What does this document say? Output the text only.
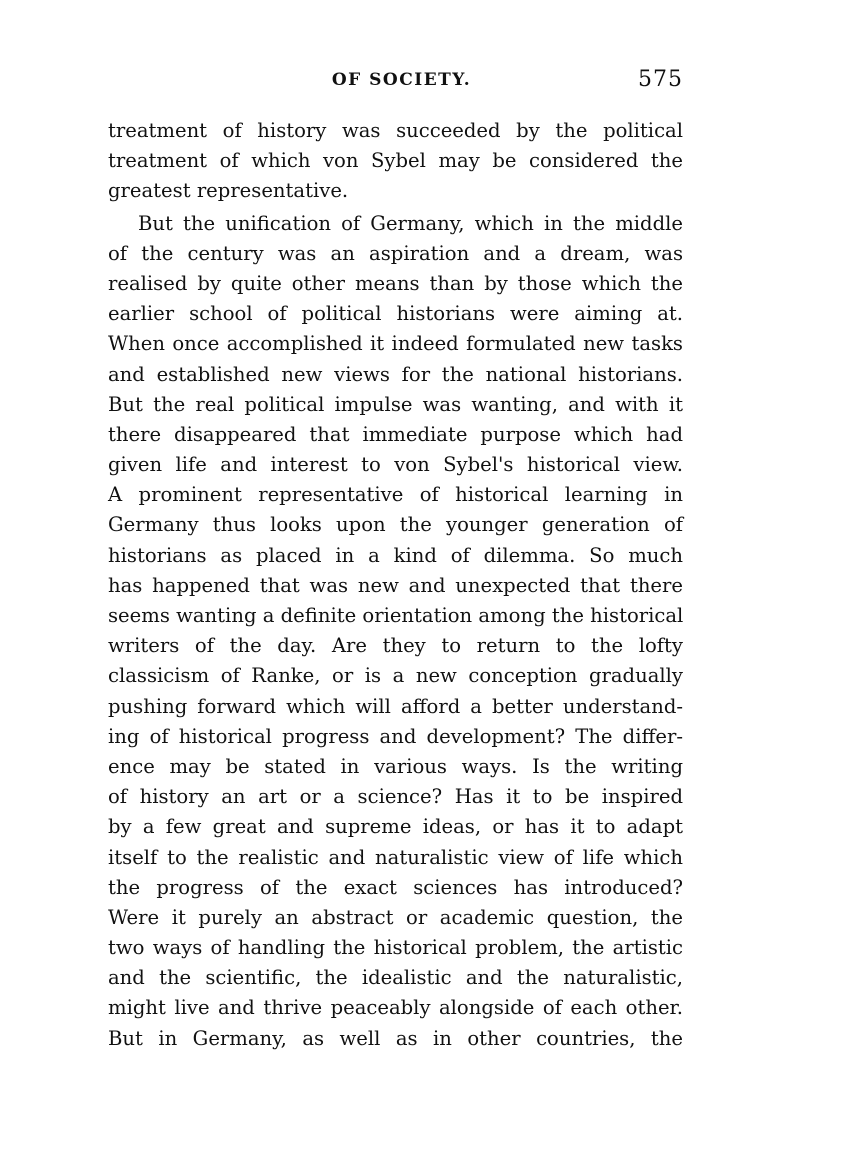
OF SOCIETY.	575
treatment of history was succeeded by the political
treatment of which von Sybel may be considered the
greatest representative.
But the unification of Germany, which in the middle
of the century was an aspiration and a dream, was
realised by quite other means than by those which the
earlier school of political historians were aiming at.
When once accomplished it indeed formulated new tasks
and established new views for the national historians.
But the real political impulse was wanting, and with it
there disappeared that immediate purpose which had
given life and interest to von Sybel's historical view.
A prominent representative of historical learning in
Germany thus looks upon the younger generation of
historians as placed in a kind of dilemma. So much
has happened that was new and unexpected that there
seems wanting a definite orientation among the historical
writers of the day. Are they to return to the lofty
classicism of Ranke, or is a new conception gradually
pushing forward which will afford a better understand-
ing of historical progress and development? The differ-
ence may be stated in various ways. Is the writing
of history an art or a science? Has it to be inspired
by a few great and supreme ideas, or has it to adapt
itself to the realistic and naturalistic view of life which
the progress of the exact sciences has introduced?
Were it purely an abstract or academic question, the
two ways of handling the historical problem, the artistic
and the scientific, the idealistic and the naturalistic,
might live and thrive peaceably alongside of each other.
But in Germany, as well as in other countries, the
